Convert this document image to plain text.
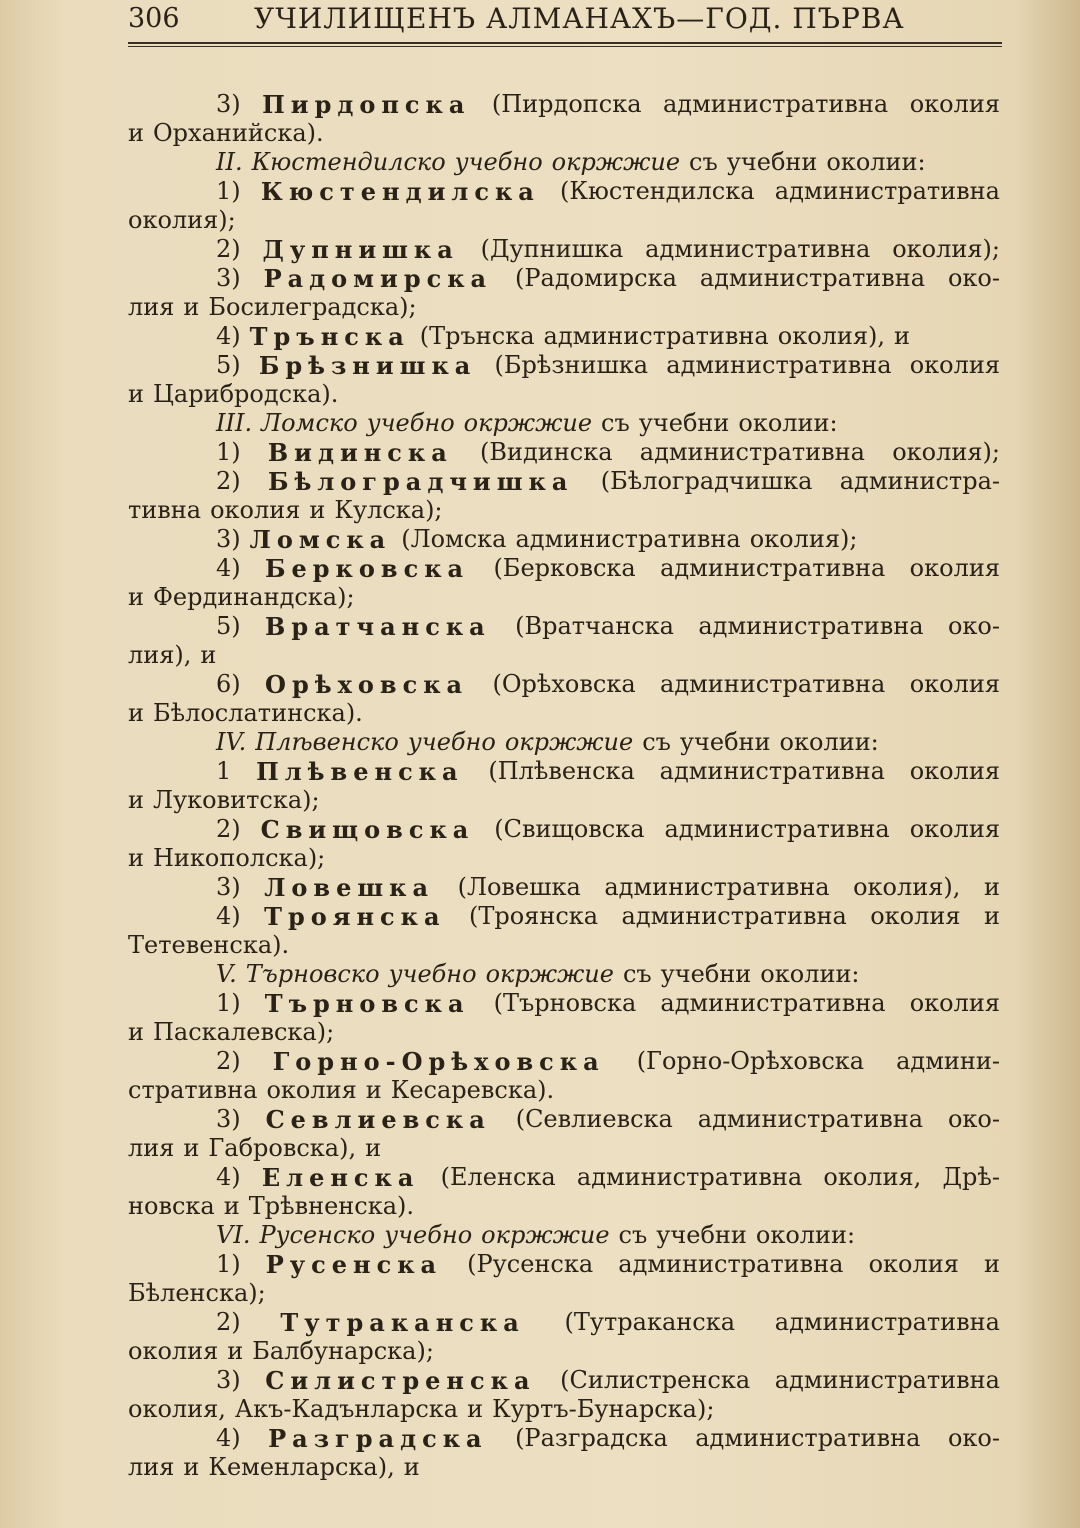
306	УЧИЛИЩЕНЪ АЛМАНАХЪ—ГОД. ПЪРВА
3) Пирдопска (Пирдопска административна околия
и Орханийска).
II. Кюстендилско учебно окржжие съ учебни околии:
1) Кюстендилска (Кюстендилска административна
околия);
2) Дупнишка (Дупнишка административна околия);
3) Радомирска (Радомирска административна око-
лия и Босилеградска);
4) Трънска (Трънска административна околия), и
5) Брѣзнишка (Брѣзнишка административна околия
и Царибродска).
III. Ломско учебно окржжие съ учебни околии:
1) Видинска (Видинска административна околия);
2) Бѣлоградчишка (Бѣлоградчишка администра-
тивна околия и Кулска);
3) Ломска (Ломска административна околия);
4) Берковска (Берковска административна околия
и Фердинандска);
5) Вратчанска (Вратчанска административна око-
лия), и
6) Орѣховска (Орѣховска административна околия
и Бѣлослатинска).
IV. Плѣвенско учебно окржжие съ учебни околии:
1 Плѣвенска (Плѣвенска административна околия
и Луковитска);
2) Свищовска (Свищовска административна околия
и Никополска);
3) Ловешка (Ловешка административна околия), и
4) Троянска (Троянска административна околия и
Тетевенска).
V. Търновско учебно окржжие съ учебни околии:
1) Търновска (Търновска административна околия
и Паскалевска);
2) Горно-Орѣховска (Горно-Орѣховска админи-
стративна околия и Кесаревска).
3) Севлиевска (Севлиевска административна око-
лия и Габровска), и
4) Еленска (Еленска административна околия, Дрѣ-
новска и Трѣвненска).
VI. Русенско учебно окржжие съ учебни околии:
1) Русенска (Русенска административна околия и
Бѣленска);
2) Тутраканска (Тутраканска административна
околия и Балбунарска);
3) Силистренска (Силистренска административна
околия, Акъ-Кадънларска и Куртъ-Бунарска);
4) Разградска (Разградска административна око-
лия и Кеменларска), и
